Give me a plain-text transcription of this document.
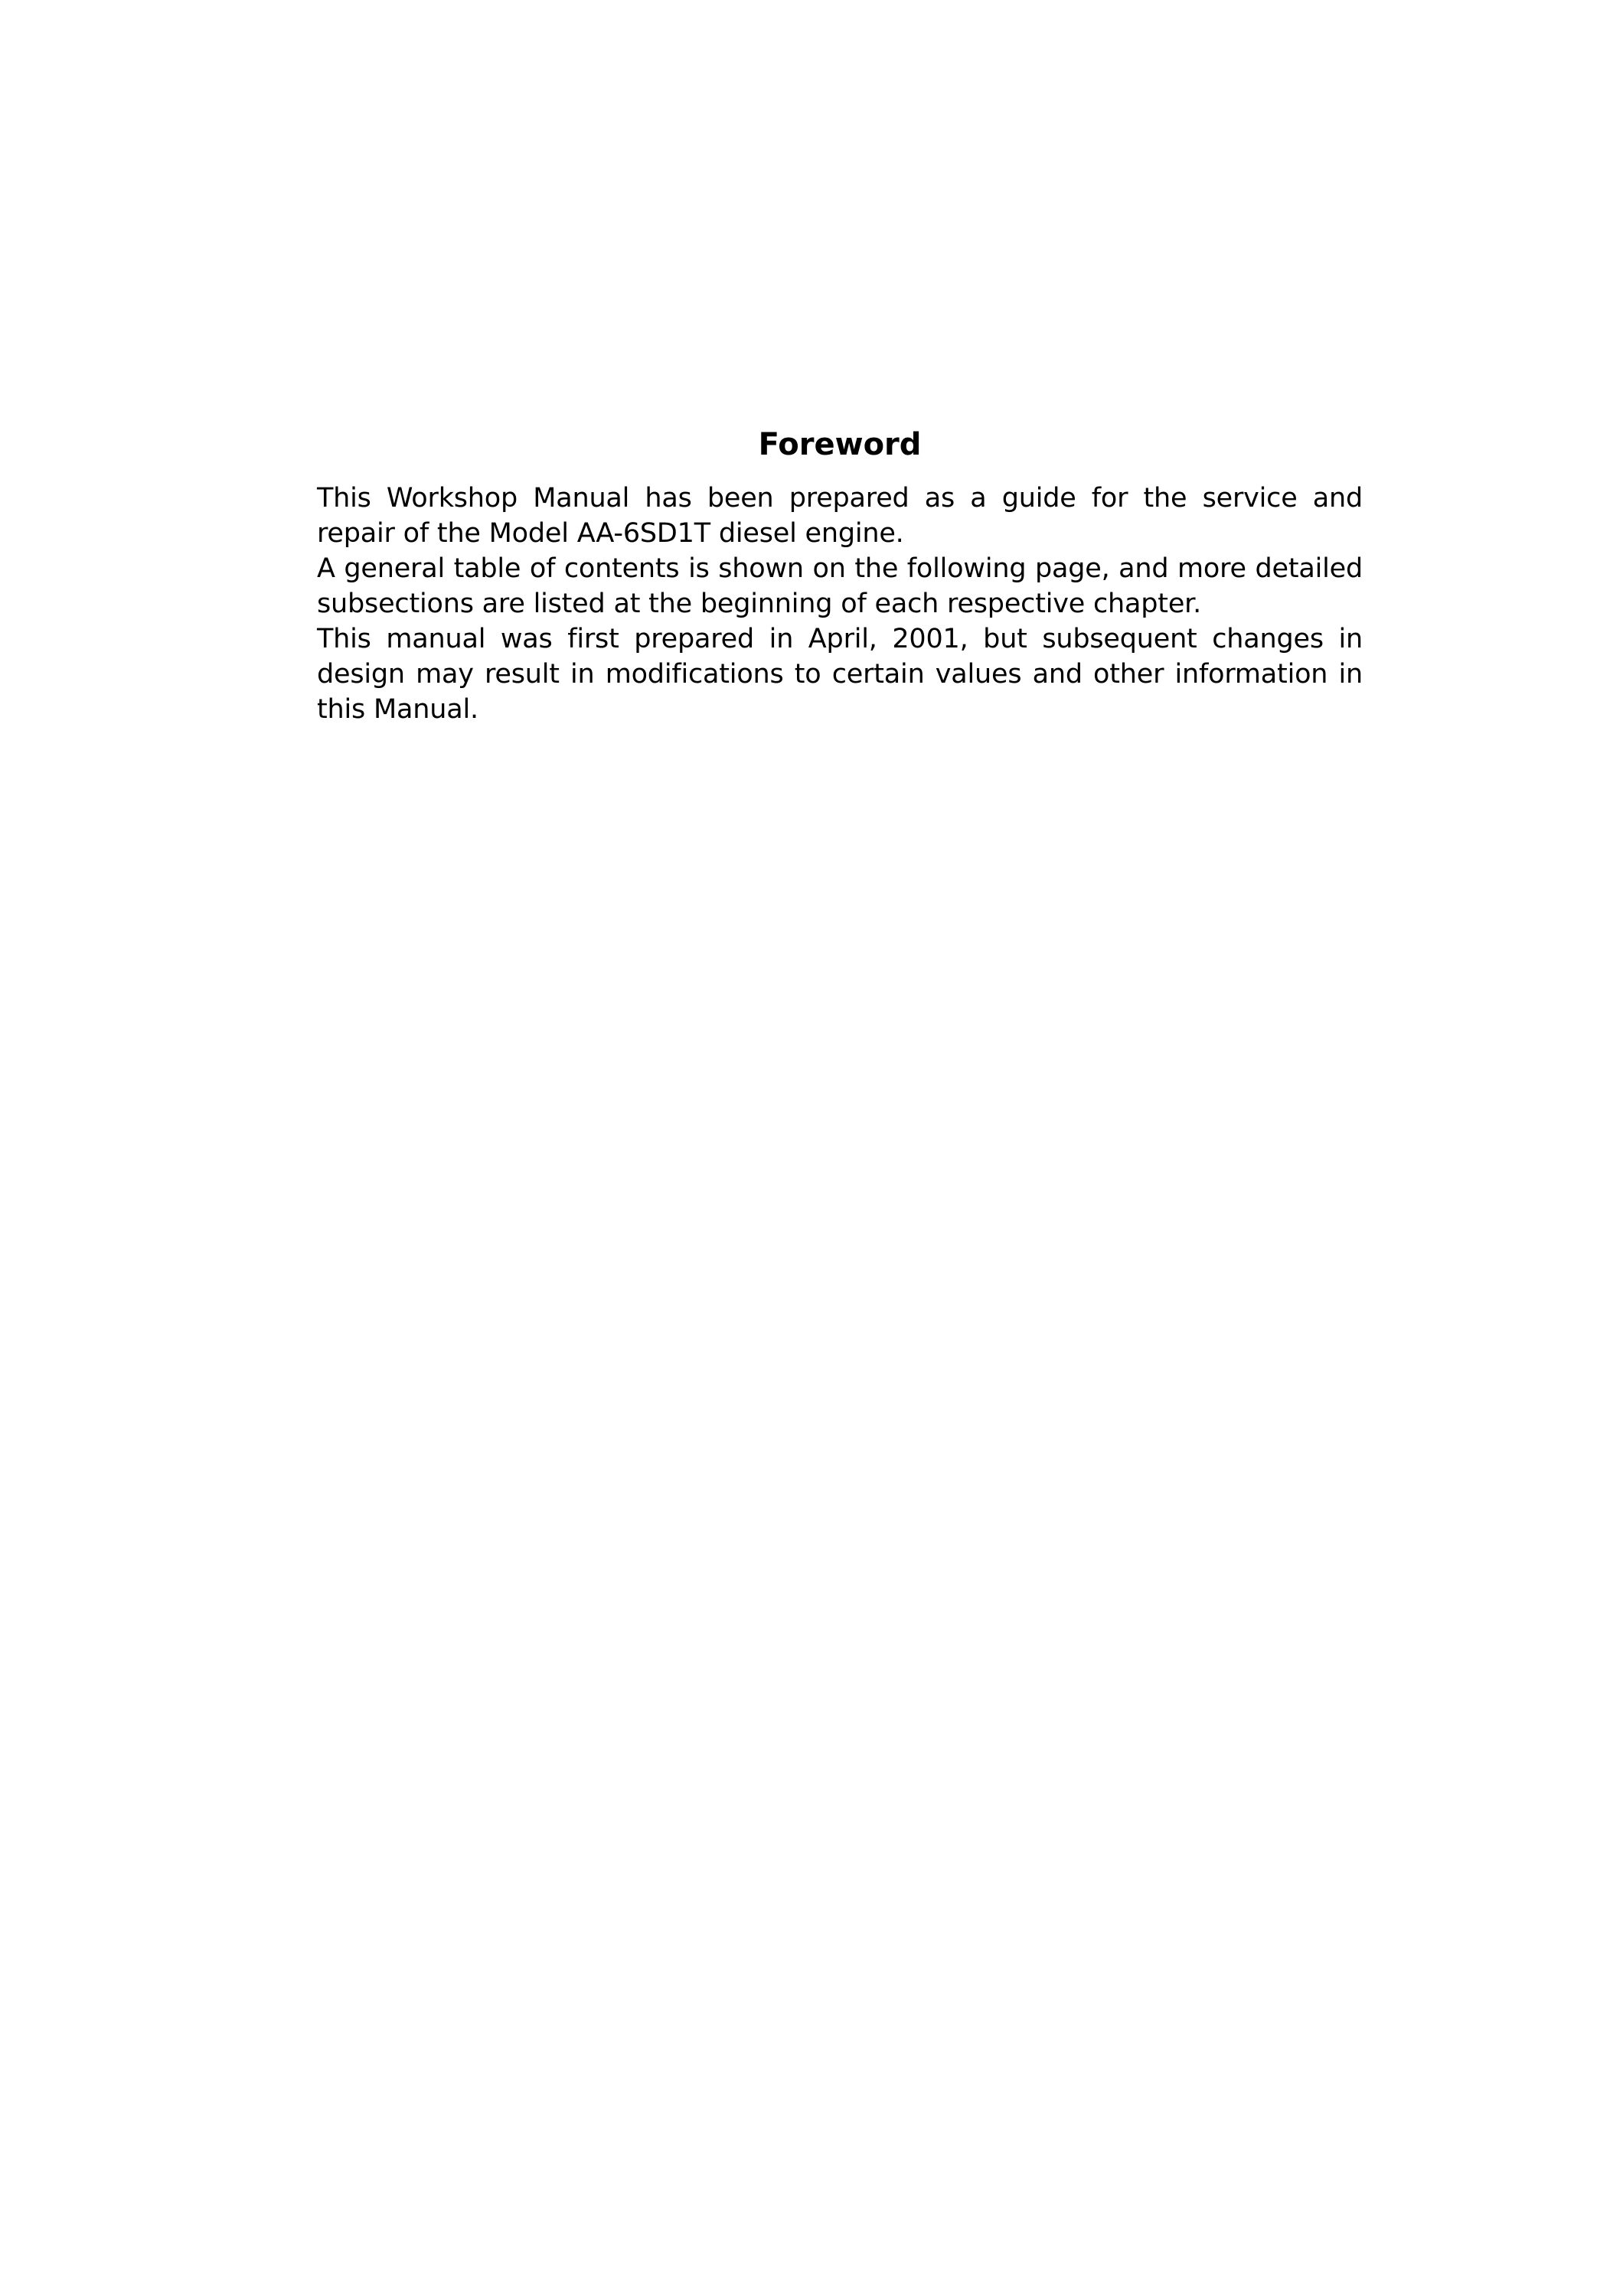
Foreword

This Workshop Manual has been prepared as a guide for the service and repair of the Model AA-6SD1T diesel engine.

A general table of contents is shown on the following page, and more detailed subsections are listed at the beginning of each respective chapter.

This manual was first prepared in April, 2001, but subsequent changes in design may result in modifications to certain values and other information in this Manual.
